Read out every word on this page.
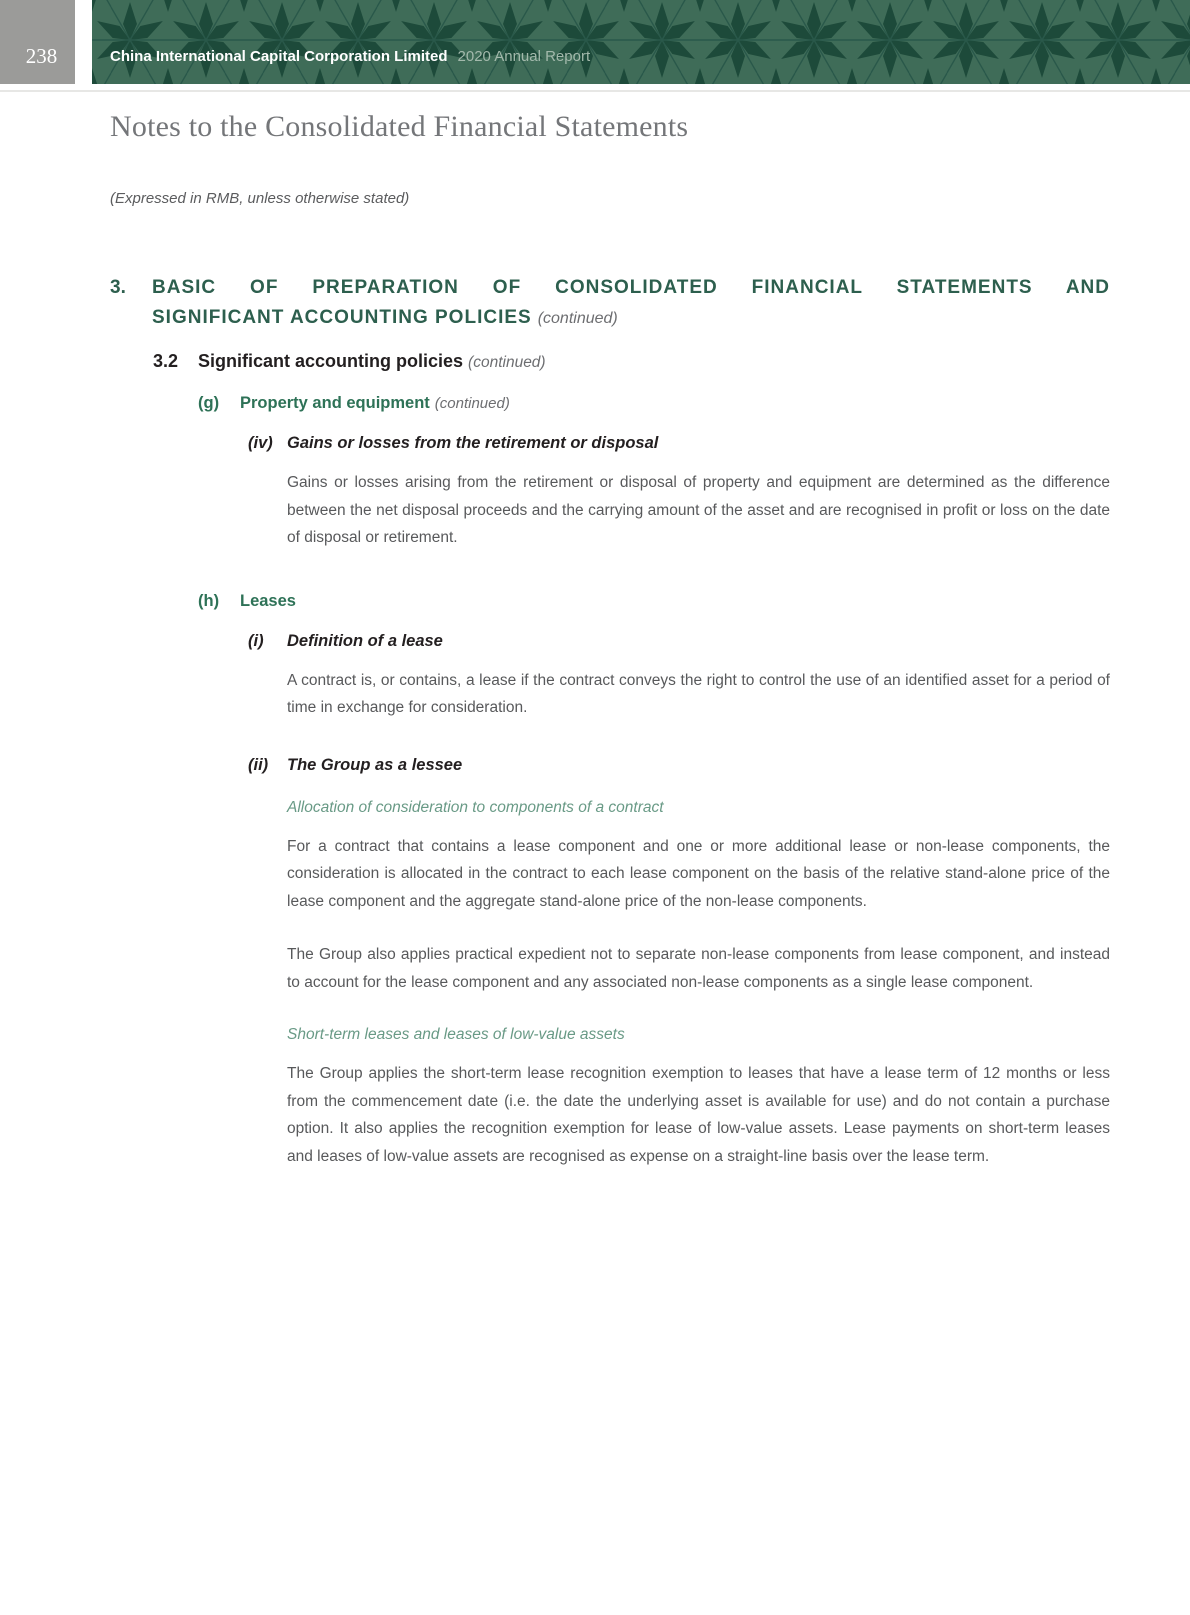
238	China International Capital Corporation Limited 2020 Annual Report
Notes to the Consolidated Financial Statements

(Expressed in RMB, unless otherwise stated)

3.	BASIC OF PREPARATION OF CONSOLIDATED FINANCIAL STATEMENTS AND
SIGNIFICANT ACCOUNTING POLICIES (continued)
3.2	Significant accounting policies (continued)
(g)	Property and equipment (continued)
(iv) Gains or losses from the retirement or disposal

Gains or losses arising from the retirement or disposal of property and equipment are determined as the difference between the net disposal proceeds and the carrying amount of the asset and are recognised in profit or loss on the date of disposal or retirement.

(h)	Leases
(i)	Definition of a lease

A contract is, or contains, a lease if the contract conveys the right to control the use of an identified asset for a period of time in exchange for consideration.

(ii)	The Group as a lessee
Allocation of consideration to components of a contract

For a contract that contains a lease component and one or more additional lease or non-lease components, the consideration is allocated in the contract to each lease component on the basis of the relative stand-alone price of the lease component and the aggregate stand-alone price of the non-lease components.

The Group also applies practical expedient not to separate non-lease components from lease component, and instead to account for the lease component and any associated non-lease components as a single lease component.

Short-term leases and leases of low-value assets

The Group applies the short-term lease recognition exemption to leases that have a lease term of 12 months or less from the commencement date (i.e. the date the underlying asset is available for use) and do not contain a purchase option. It also applies the recognition exemption for lease of low-value assets. Lease payments on short-term leases and leases of low-value assets are recognised as expense on a straight-line basis over the lease term.
